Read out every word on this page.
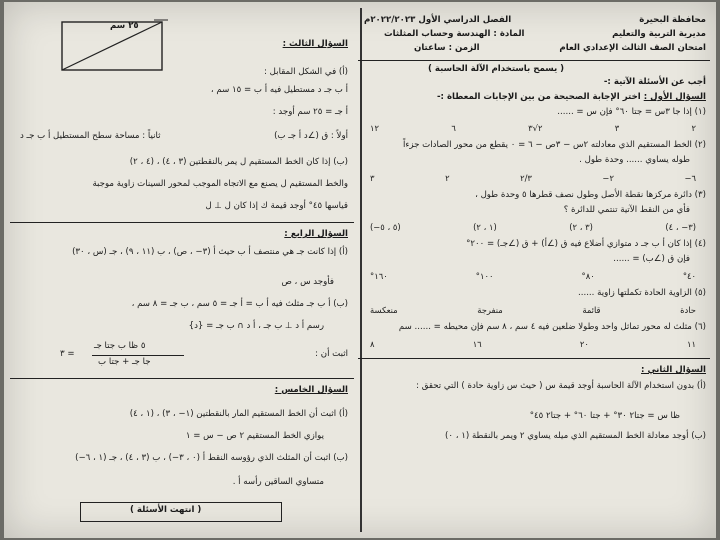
محافظة البحيرة
مديرية التربية والتعليم
امتحان الصف الثالث الإعدادي العام
الفصل الدراسي الأول ٢٠٢٢/٢٠٢٣م
المادة : الهندسة وحساب المثلثات
الزمن : ساعتان
( يسمح باستخدام الآلة الحاسبة )
أجب عن الأسئلة الآتية :-
السؤال الأول : اختر الإجابة الصحيحة من بين الإجابات المعطاة :-
(١) إذا جا ٣س = جتا ٦٠° فإن س = ......
٢
٣
٢√٣
٦
١٢
(٢) الخط المستقيم الذي معادلته ٢س − ٣ص − ٦ = ٠ يقطع من محور الصادات جزءاً
طوله يساوي ...... وحدة طول .
٦−
٢−
٢/٣
٢
٣
(٣) دائرة مركزها نقطة الأصل وطول نصف قطرها ٥ وحدة طول ،
فأي من النقط الآتية تنتمي للدائرة ؟
(٣− ، ٤)
(٣ ، ٢)
(١ ، ٢)
(٥ ، ٥−)
(٤) إذا كان أ ب جـ د متوازي أضلاع فيه ق (∠أ) + ق (∠جـ) = ٢٠٠°
فإن ق (∠ب) = ......
٤٠°
٨٠°
١٠٠°
١٦٠°
(٥) الزاوية الحادة تكملتها زاوية ......
حادة
قائمة
منفرجة
منعكسة
(٦) مثلث له محور تماثل واحد وطولا ضلعين فيه ٤ سم ، ٨ سم فإن محيطه = ...... سم
١١
٢٠
١٦
٨
السؤال الثاني :
(أ) بدون استخدام الآلة الحاسبة أوجد قيمة س ( حيث س زاوية حادة ) التي تحقق :
ظا س = جتا٢ ٣٠° + جتا ٦٠° + جتا٢ ٤٥°
(ب) أوجد معادلة الخط المستقيم الذي ميله يساوي ٢ ويمر بالنقطة (١ ، ٠)
٢٥ سم
السؤال الثالث :
(أ) في الشكل المقابل :
أ ب جـ د مستطيل فيه أ ب = ١٥ سم ،
أ جـ = ٢٥ سم أوجد :
أولاً : ق (∠د أ جـ ب)
ثانياً : مساحة سطح المستطيل أ ب جـ د
(ب) إذا كان الخط المستقيم ل يمر بالنقطتين (٣ ، ٤) ، (٤ ، ٢)
والخط المستقيم ل يصنع مع الاتجاه الموجب لمحور السينات زاوية موجبة
قياسها ٤٥° أوجد قيمة ك إذا كان ل ⊥ ل
السؤال الرابع :
(أ) إذا كانت جـ هي منتصف أ ب حيث أ (٣− ، ص) ، ب (١١ ، ٩) ، جـ (س ، ٣٠)
فأوجد س ، ص
(ب) أ ب جـ مثلث فيه أ ب = أ جـ = ٥ سم ، ب جـ = ٨ سم ،
رسم أ د ⊥ ب جـ ، أ د ∩ ب جـ = {د}
اثبت أن :
٥ ظا ب جتا جـ
جا جـ + جتا ب
= ٣
السؤال الخامس :
(أ) اثبت أن الخط المستقيم المار بالنقطتين (١− ، ٣) ، (١ ، ٤)
يوازي الخط المستقيم ٢ ص − س = ١
(ب) اثبت أن المثلث الذي رؤوسه النقط أ (٠ ، ٣−) ، ب (٣ ، ٤) ، جـ (١ ، ٦−)
متساوي الساقين رأسه أ .
( انتهت الأسئلة )
